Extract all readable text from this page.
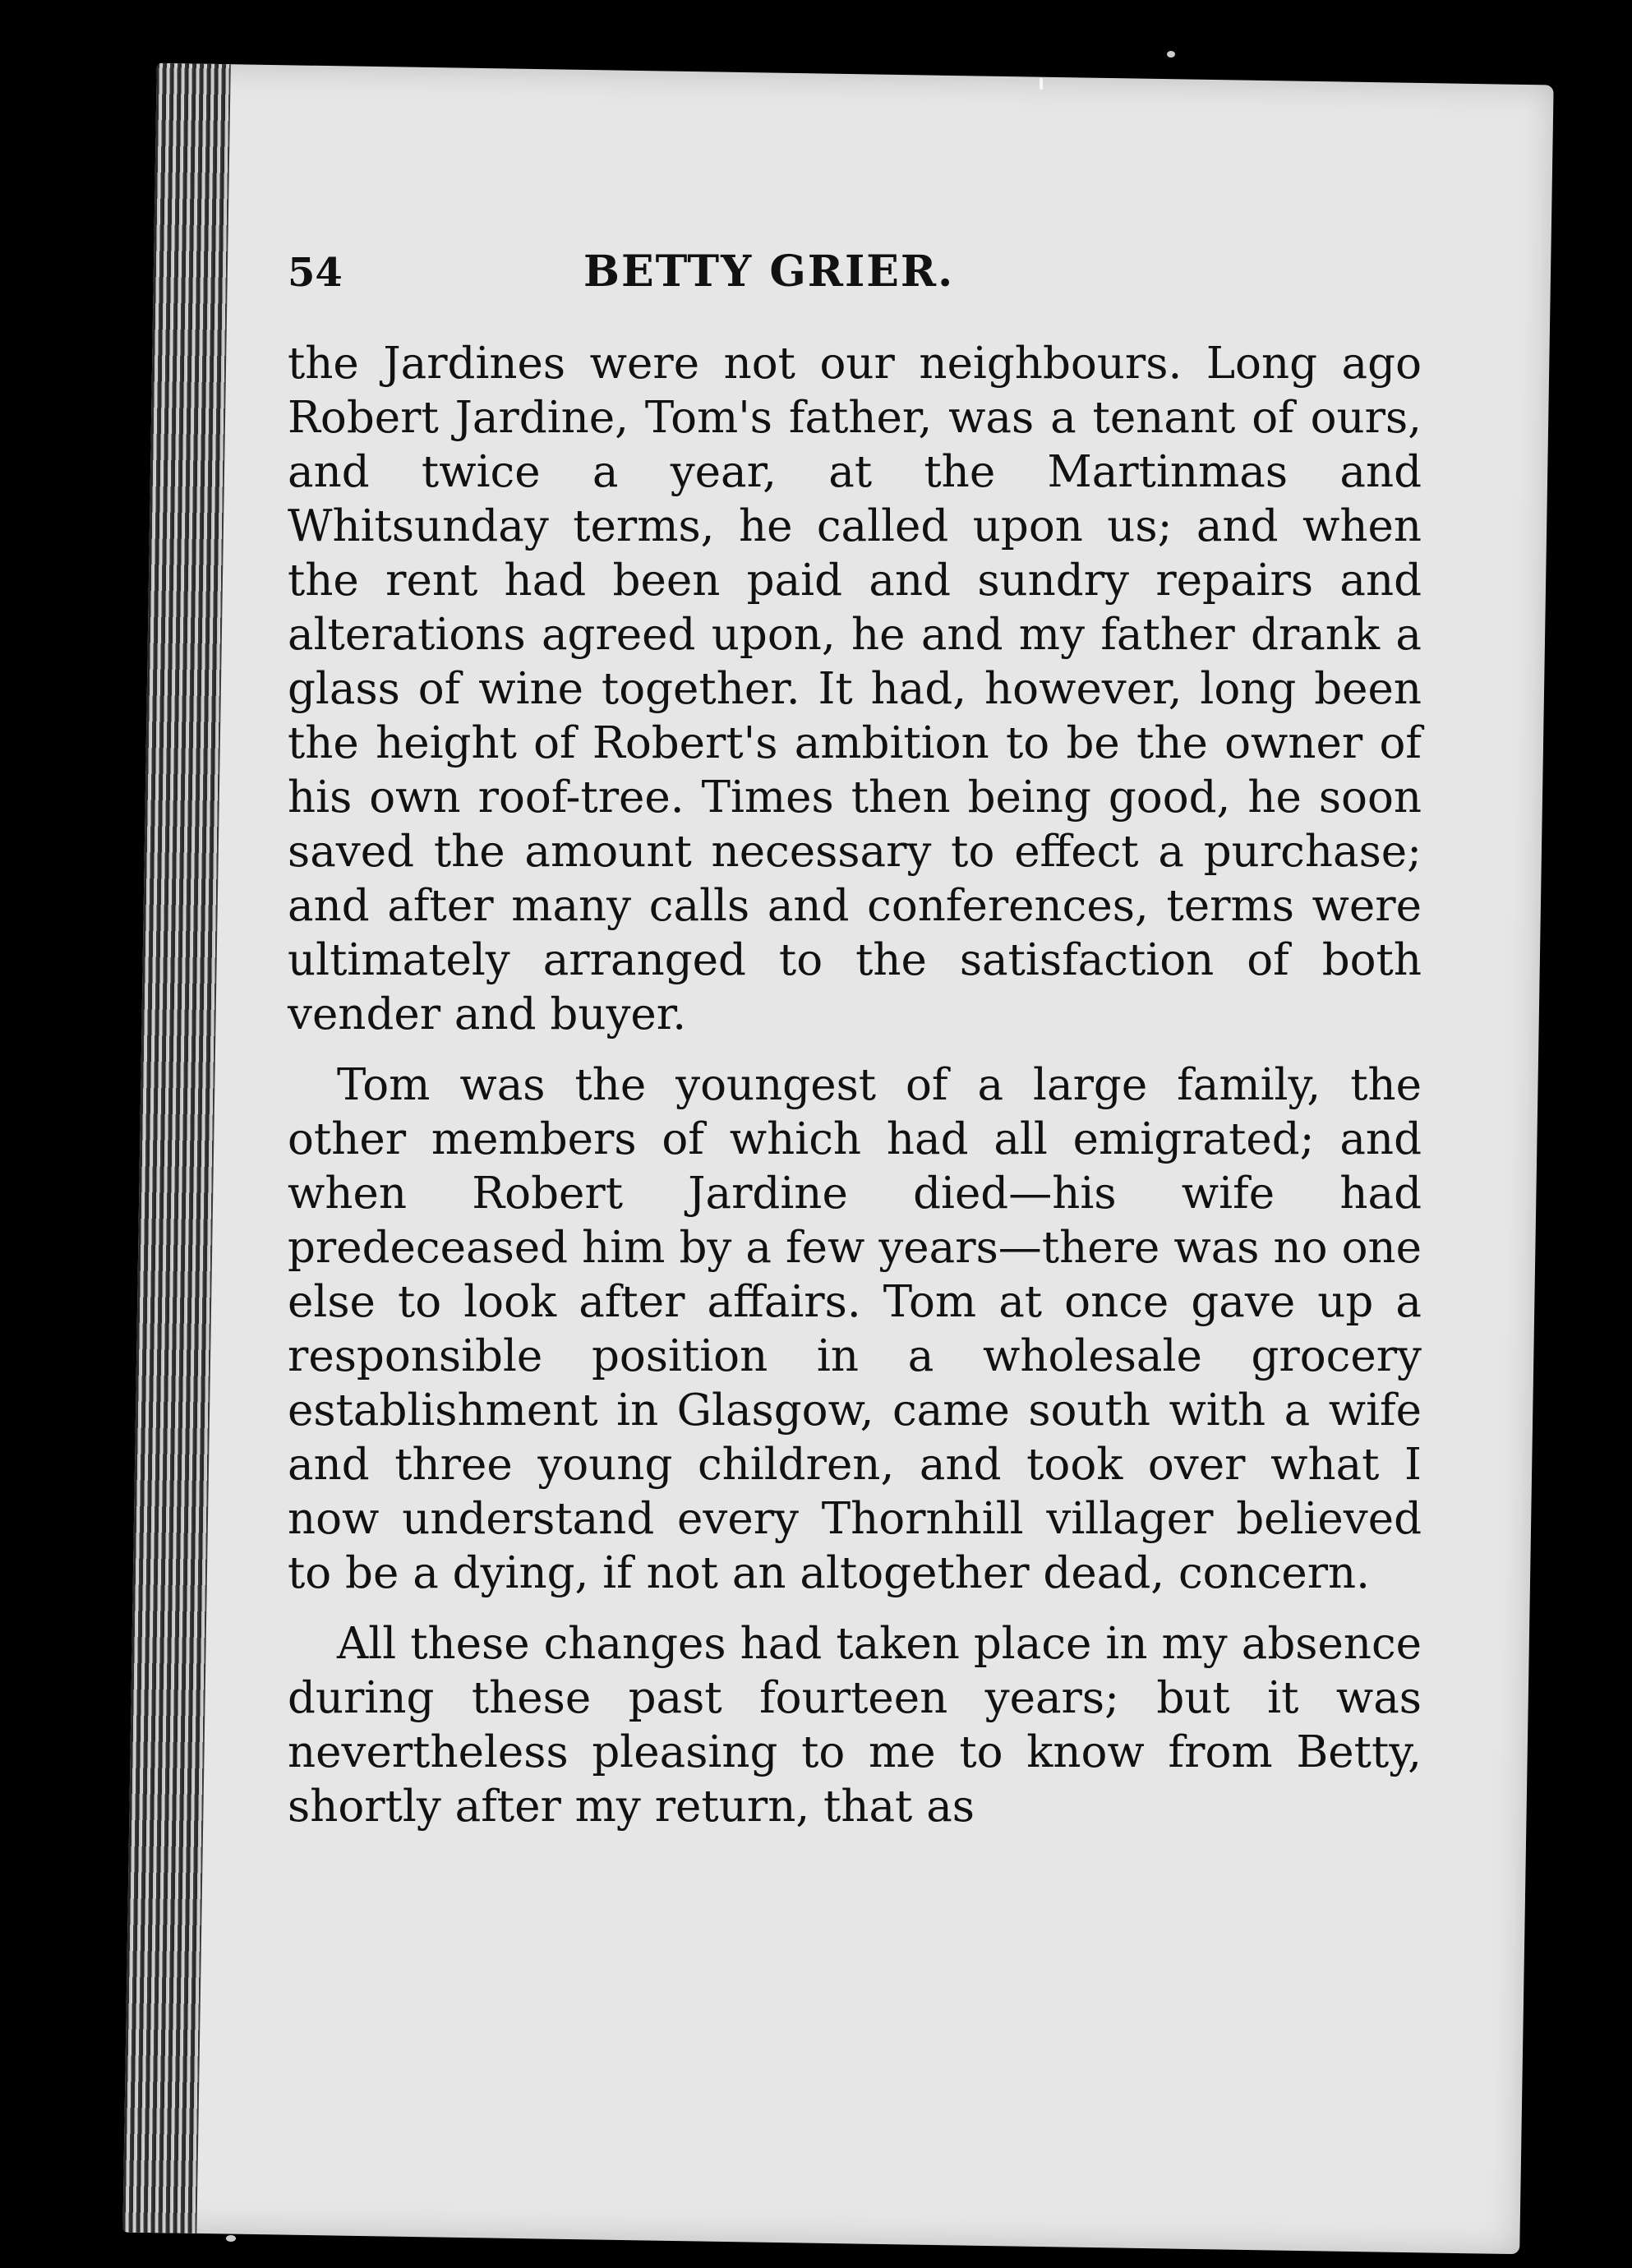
54	BETTY GRIER.

the Jardines were not our neighbours. Long ago Robert Jardine, Tom's father, was a tenant of ours, and twice a year, at the Martinmas and Whitsunday terms, he called upon us; and when the rent had been paid and sundry repairs and alterations agreed upon, he and my father drank a glass of wine together. It had, however, long been the height of Robert's ambition to be the owner of his own roof-tree. Times then being good, he soon saved the amount necessary to effect a purchase; and after many calls and conferences, terms were ultimately arranged to the satisfaction of both vender and buyer.

Tom was the youngest of a large family, the other members of which had all emigrated; and when Robert Jardine died—his wife had predeceased him by a few years—there was no one else to look after affairs. Tom at once gave up a responsible position in a wholesale grocery establishment in Glasgow, came south with a wife and three young children, and took over what I now understand every Thornhill villager believed to be a dying, if not an altogether dead, concern.

All these changes had taken place in my absence during these past fourteen years; but it was nevertheless pleasing to me to know from Betty, shortly after my return, that as
